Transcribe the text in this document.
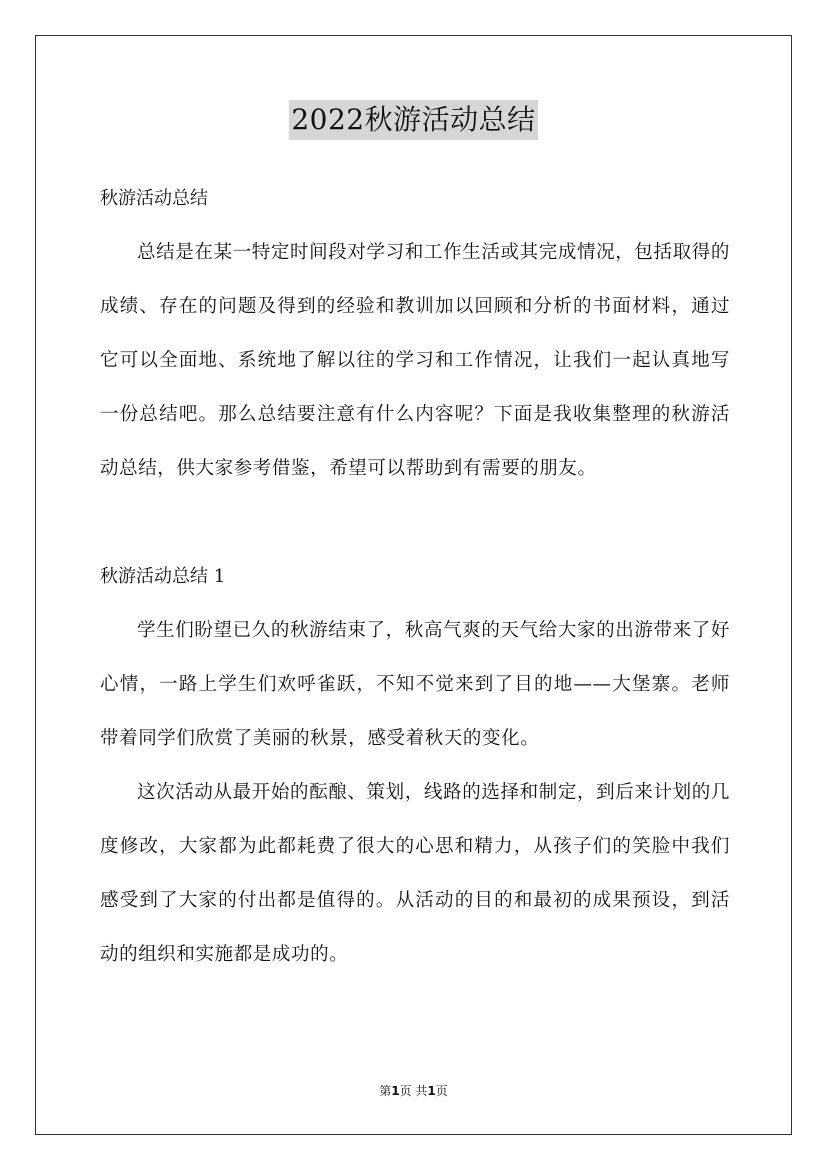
2022秋游活动总结

秋游活动总结

总结是在某一特定时间段对学习和工作生活或其完成情况，包括取得的成绩、存在的问题及得到的经验和教训加以回顾和分析的书面材料，通过它可以全面地、系统地了解以往的学习和工作情况，让我们一起认真地写一份总结吧。那么总结要注意有什么内容呢？下面是我收集整理的秋游活动总结，供大家参考借鉴，希望可以帮助到有需要的朋友。

秋游活动总结 1

学生们盼望已久的秋游结束了，秋高气爽的天气给大家的出游带来了好心情，一路上学生们欢呼雀跃，不知不觉来到了目的地——大堡寨。老师带着同学们欣赏了美丽的秋景，感受着秋天的变化。

这次活动从最开始的酝酿、策划，线路的选择和制定，到后来计划的几度修改，大家都为此都耗费了很大的心思和精力，从孩子们的笑脸中我们感受到了大家的付出都是值得的。从活动的目的和最初的成果预设，到活动的组织和实施都是成功的。

第1页 共1页
